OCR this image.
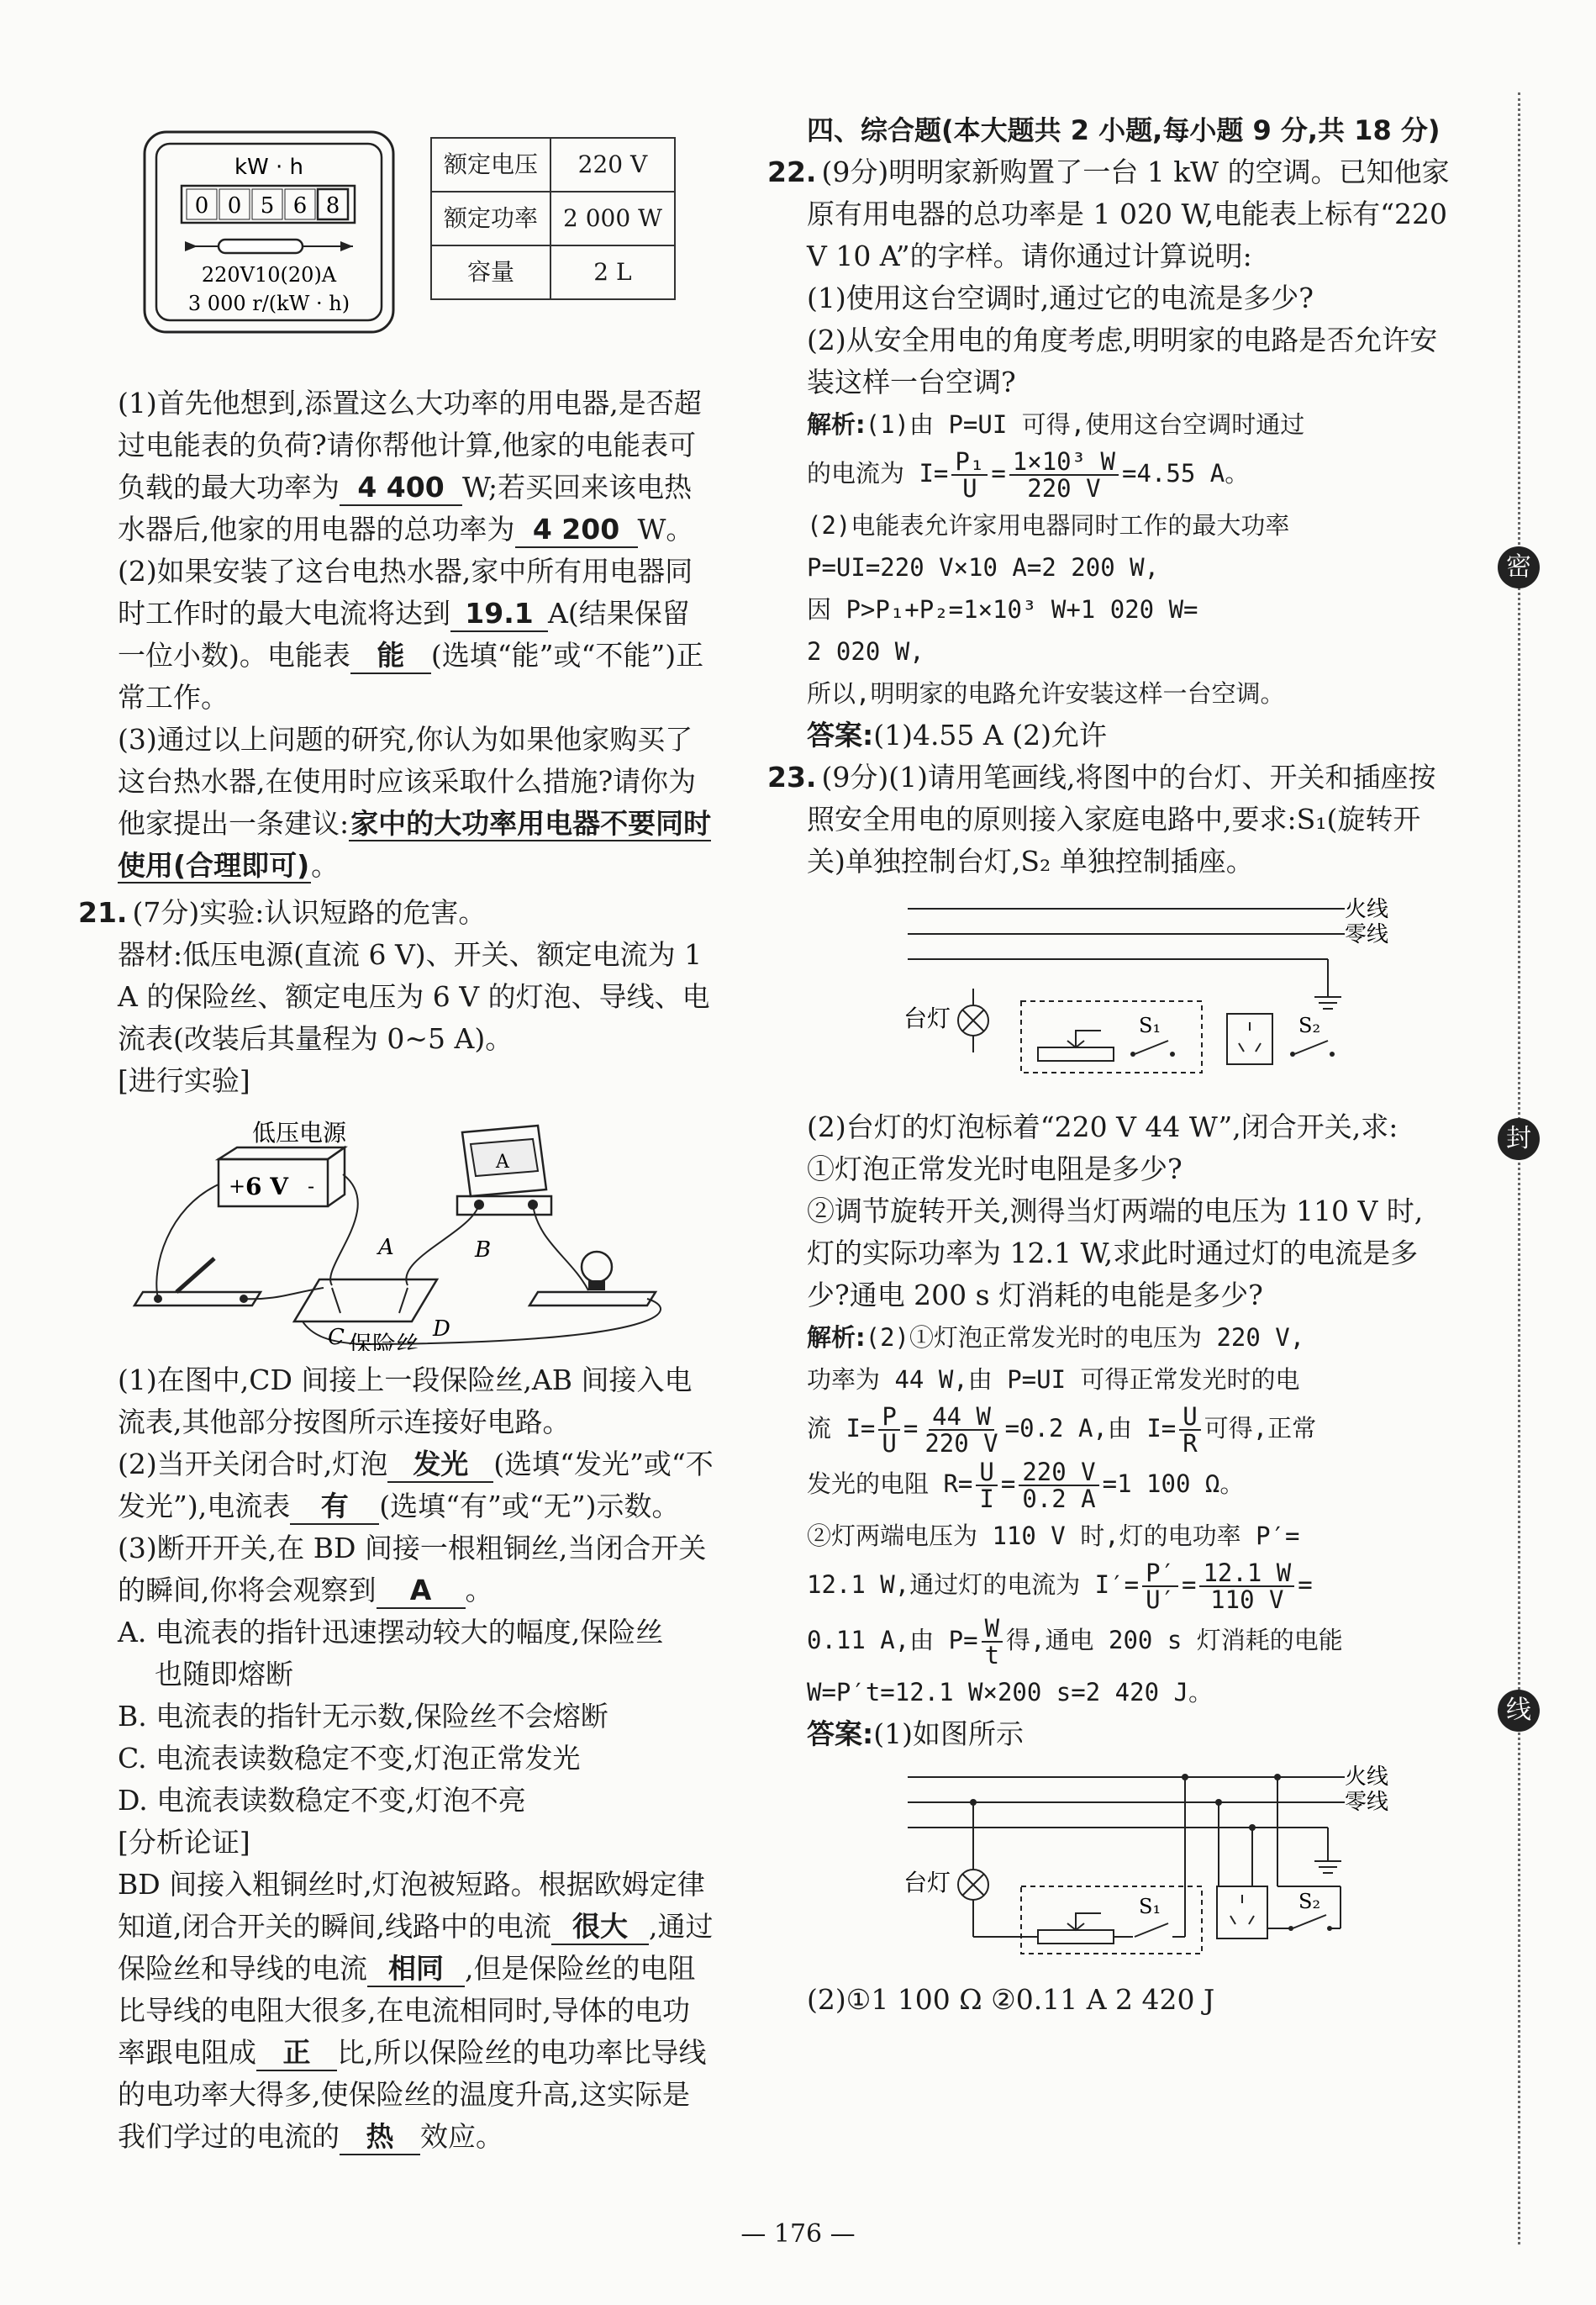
密
封
线
kW · h
0 0 5 6 8
220V10(20)A
3 000 r/(kW · h)
额定电压	220 V
额定功率	2 000 W
容量	2 L

(1)首先他想到,添置这么大功率的用电器,是否超过电能表的负荷?请你帮他计算,他家的电能表可负载的最大功率为 4 400 W;若买回来该电热水器后,他家的用电器的总功率为 4 200 W。

(2)如果安装了这台电热水器,家中所有用电器同时工作时的最大电流将达到 19.1 A(结果保留一位小数)。电能表 能 (选填“能”或“不能”)正常工作。

(3)通过以上问题的研究,你认为如果他家购买了这台热水器,在使用时应该采取什么措施?请你为他家提出一条建议:家中的大功率用电器不要同时使用(合理即可)。

21. (7分)实验:认识短路的危害。

器材:低压电源(直流 6 V)、开关、额定电流为 1 A 的保险丝、额定电压为 6 V 的灯泡、导线、电流表(改装后其量程为 0~5 A)。

[进行实验]

低压电源
+ 6 V -
A
A	B
C	D
保险丝

(1)在图中,CD 间接上一段保险丝,AB 间接入电流表,其他部分按图所示连接好电路。

(2)当开关闭合时,灯泡 发光 (选填“发光”或“不发光”),电流表 有 (选填“有”或“无”)示数。

(3)断开开关,在 BD 间接一根粗铜丝,当闭合开关的瞬间,你将会观察到 A 。

A. 电流表的指针迅速摆动较大的幅度,保险丝

也随即熔断

B. 电流表的指针无示数,保险丝不会熔断

C. 电流表读数稳定不变,灯泡正常发光

D. 电流表读数稳定不变,灯泡不亮

[分析论证]

BD 间接入粗铜丝时,灯泡被短路。根据欧姆定律知道,闭合开关的瞬间,线路中的电流 很大 ,通过保险丝和导线的电流 相同 ,但是保险丝的电阻比导线的电阻大很多,在电流相同时,导体的电功率跟电阻成 正 比,所以保险丝的电功率比导线的电功率大得多,使保险丝的温度升高,这实际是我们学过的电流的 热 效应。

四、综合题(本大题共 2 小题,每小题 9 分,共 18 分)

22. (9分)明明家新购置了一台 1 kW 的空调。已知他家原有用电器的总功率是 1 020 W,电能表上标有“220 V 10 A”的字样。请你通过计算说明:

(1)使用这台空调时,通过它的电流是多少?

(2)从安全用电的角度考虑,明明家的电路是否允许安装这样一台空调?

解析:(1)由 P=UI 可得,使用这台空调时通过

的电流为 $I= \frac{\text{P₁}}{U} = \frac{\text{1×10³ W}}{220 V} =4.55$ A。

(2)电能表允许家用电器同时工作的最大功率

P=UI=220 V×10 A=2 200 W,

因 P>P₁+P₂=1×10³ W+1 020 W=

2 020 W,

所以,明明家的电路允许安装这样一台空调。

答案:(1)4.55 A (2)允许

23. (9分)(1)请用笔画线,将图中的台灯、开关和插座按照安全用电的原则接入家庭电路中,要求:S₁(旋转开关)单独控制台灯,S₂ 单独控制插座。

火线
零线
台灯	S₁	S₂

(2)台灯的灯泡标着“220 V 44 W”,闭合开关,求:

①灯泡正常发光时电阻是多少?

②调节旋转开关,测得当灯两端的电压为 110 V 时,灯的实际功率为 12.1 W,求此时通过灯的电流是多少?通电 200 s 灯消耗的电能是多少?

解析:(2)①灯泡正常发光时的电压为 220 V,

功率为 44 W,由 P=UI 可得正常发光时的电

流 $I= \frac{P}{U} = \frac{44 W}{220 V} =0.2$ A,由 $I= \frac{U}{R}$ 可得,正常

发光的电阻 $R= \frac{U}{I} = \frac{220 V}{0.2 A} =1$ 100 Ω。

②灯两端电压为 110 V 时,灯的电功率 P′=

12.1 W,通过灯的电流为 $I'= \frac{P'}{U'} = \frac{12.1 W}{110 V}$ =

0.11 A,由 $P= \frac{W}{t}$ 得,通电 200 s 灯消耗的电能

W=P′t=12.1 W×200 s=2 420 J。

答案:(1)如图所示

火线
零线
台灯
S₁	S₂

(2)①1 100 Ω ②0.11 A 2 420 J

— 176 —
